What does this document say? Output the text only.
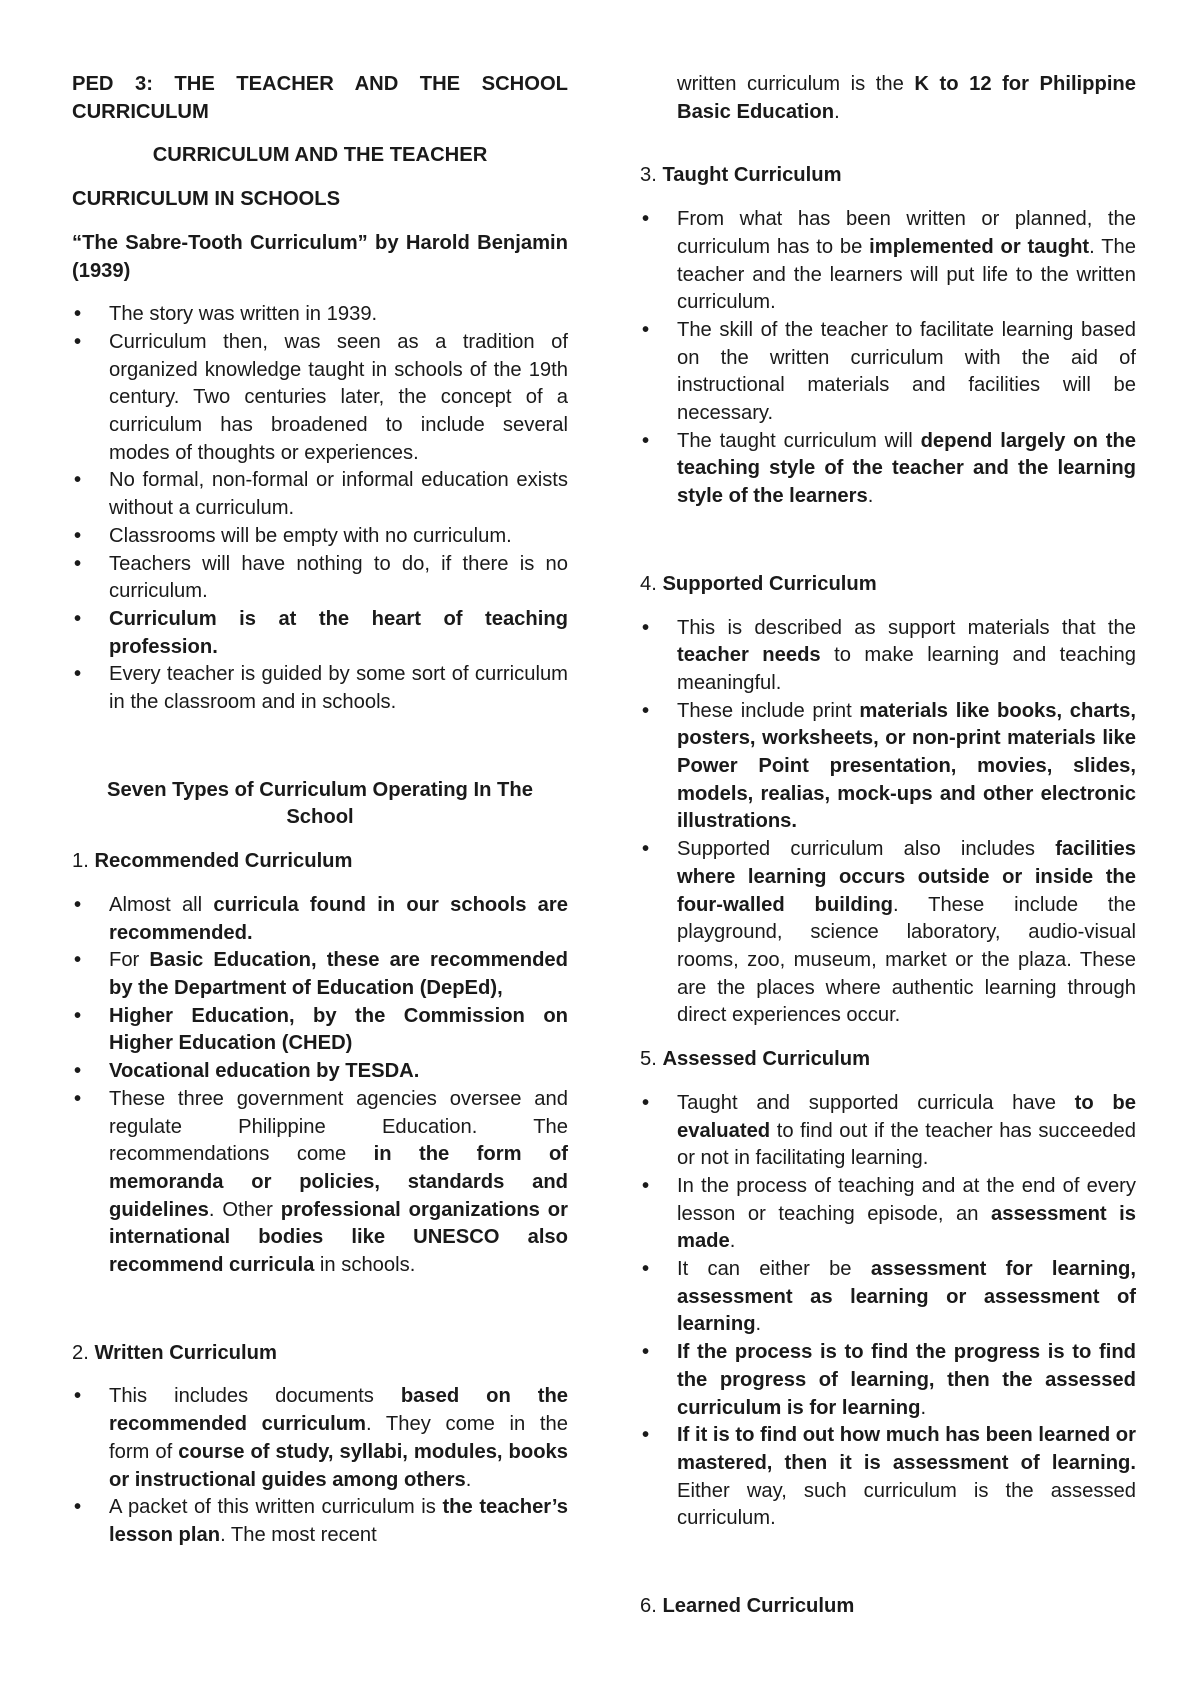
PED 3: THE TEACHER AND THE SCHOOL CURRICULUM

CURRICULUM AND THE TEACHER

CURRICULUM IN SCHOOLS

“The Sabre-Tooth Curriculum” by Harold Benjamin (1939)

• The story was written in 1939.
• Curriculum then, was seen as a tradition of organized knowledge taught in schools of the 19th century. Two centuries later, the concept of a curriculum has broadened to include several modes of thoughts or experiences.
• No formal, non-formal or informal education exists without a curriculum.
• Classrooms will be empty with no curriculum.
• Teachers will have nothing to do, if there is no curriculum.
• Curriculum is at the heart of teaching profession.
• Every teacher is guided by some sort of curriculum in the classroom and in schools.

Seven Types of Curriculum Operating In The School

1. Recommended Curriculum

• Almost all curricula found in our schools are recommended.
• For Basic Education, these are recommended by the Department of Education (DepEd),
• Higher Education, by the Commission on Higher Education (CHED)
• Vocational education by TESDA.
• These three government agencies oversee and regulate Philippine Education. The recommendations come in the form of memoranda or policies, standards and guidelines. Other professional organizations or international bodies like UNESCO also recommend curricula in schools.

2. Written Curriculum

• This includes documents based on the recommended curriculum. They come in the form of course of study, syllabi, modules, books or instructional guides among others.
• A packet of this written curriculum is the teacher’s lesson plan. The most recent

written curriculum is the K to 12 for Philippine Basic Education.

3. Taught Curriculum

• From what has been written or planned, the curriculum has to be implemented or taught. The teacher and the learners will put life to the written curriculum.
• The skill of the teacher to facilitate learning based on the written curriculum with the aid of instructional materials and facilities will be necessary.
• The taught curriculum will depend largely on the teaching style of the teacher and the learning style of the learners.

4. Supported Curriculum

• This is described as support materials that the teacher needs to make learning and teaching meaningful.
• These include print materials like books, charts, posters, worksheets, or non-print materials like Power Point presentation, movies, slides, models, realias, mock-ups and other electronic illustrations.
• Supported curriculum also includes facilities where learning occurs outside or inside the four-walled building. These include the playground, science laboratory, audio-visual rooms, zoo, museum, market or the plaza. These are the places where authentic learning through direct experiences occur.

5. Assessed Curriculum

• Taught and supported curricula have to be evaluated to find out if the teacher has succeeded or not in facilitating learning.
• In the process of teaching and at the end of every lesson or teaching episode, an assessment is made.
• It can either be assessment for learning, assessment as learning or assessment of learning.
• If the process is to find the progress is to find the progress of learning, then the assessed curriculum is for learning.
• If it is to find out how much has been learned or mastered, then it is assessment of learning. Either way, such curriculum is the assessed curriculum.

6. Learned Curriculum
